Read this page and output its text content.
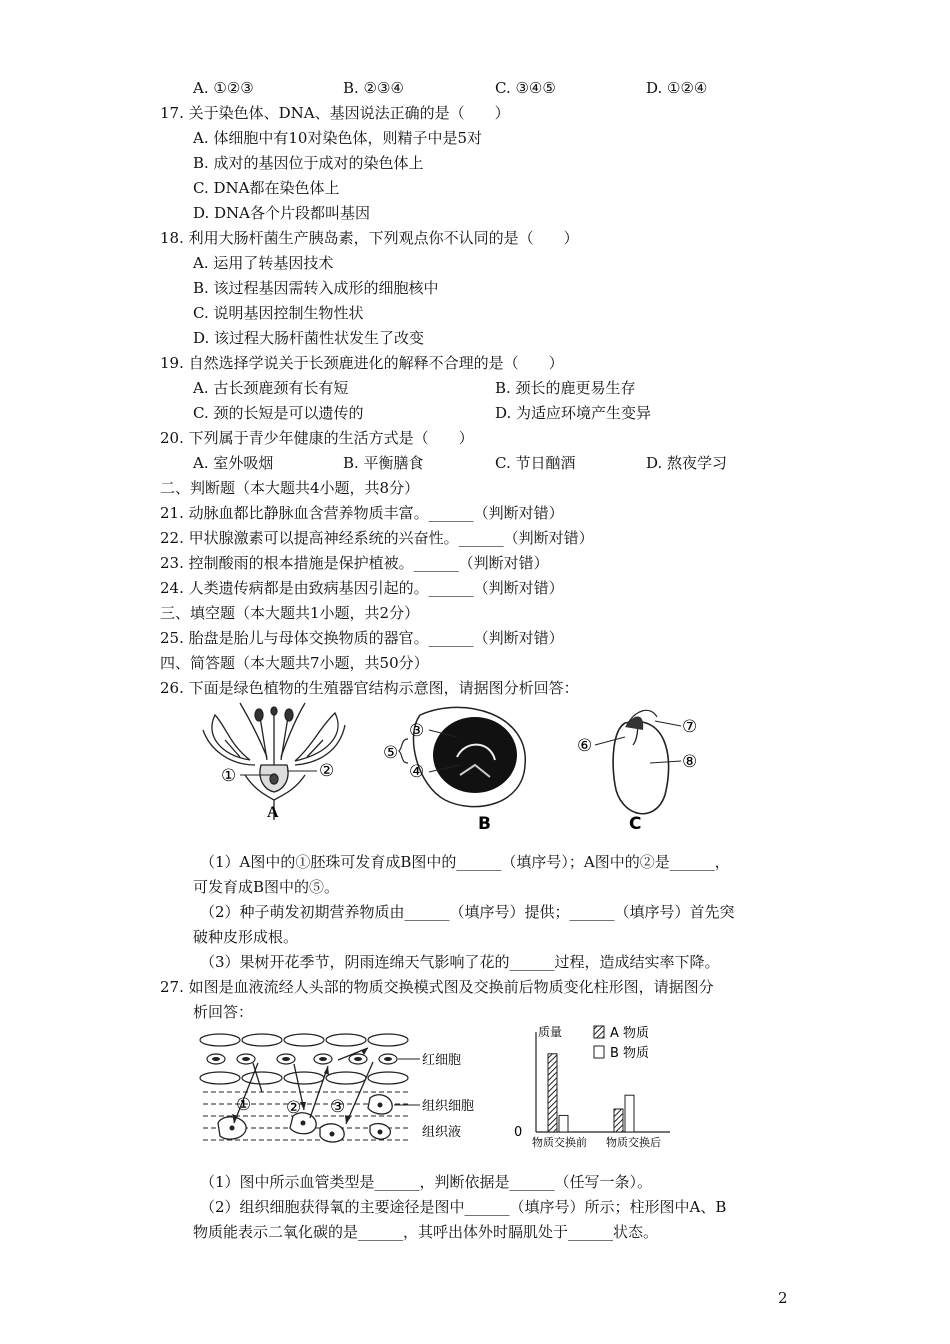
A. ①②③	B. ②③④	C. ③④⑤	D. ①②④
17. 关于染色体、DNA、基因说法正确的是（　　）
A. 体细胞中有10对染色体，则精子中是5对
B. 成对的基因位于成对的染色体上
C. DNA都在染色体上
D. DNA各个片段都叫基因
18. 利用大肠杆菌生产胰岛素，下列观点你不认同的是（　　）
A. 运用了转基因技术
B. 该过程基因需转入成形的细胞核中
C. 说明基因控制生物性状
D. 该过程大肠杆菌性状发生了改变
19. 自然选择学说关于长颈鹿进化的解释不合理的是（　　）
A. 古长颈鹿颈有长有短	B. 颈长的鹿更易生存
C. 颈的长短是可以遗传的	D. 为适应环境产生变异
20. 下列属于青少年健康的生活方式是（　　）
A. 室外吸烟	B. 平衡膳食	C. 节日酗酒	D. 熬夜学习
二、判断题（本大题共4小题，共8分）
21. 动脉血都比静脉血含营养物质丰富。______（判断对错）
22. 甲状腺激素可以提高神经系统的兴奋性。______（判断对错）
23. 控制酸雨的根本措施是保护植被。______（判断对错）
24. 人类遗传病都是由致病基因引起的。______（判断对错）
三、填空题（本大题共1小题，共2分）
25. 胎盘是胎儿与母体交换物质的器官。______（判断对错）
四、简答题（本大题共7小题，共50分）
26. 下面是绿色植物的生殖器官结构示意图，请据图分析回答：
①	②
A
⑤
③
④
B
⑥
⑦
⑧
C
（1）A图中的①胚珠可发育成B图中的______（填序号）；A图中的②是______，
可发育成B图中的⑤。
（2）种子萌发初期营养物质由______（填序号）提供；______（填序号）首先突
破种皮形成根。
（3）果树开花季节，阴雨连绵天气影响了花的______过程，造成结实率下降。
27. 如图是血液流经人头部的物质交换模式图及交换前后物质变化柱形图，请据图分
析回答：
红细胞
组织细胞
组织液
① ② ③
质量
0
A 物质
B 物质
物质交换前 物质交换后
（1）图中所示血管类型是______，判断依据是______（任写一条）。
（2）组织细胞获得氧的主要途径是图中______（填序号）所示；柱形图中A、B
物质能表示二氧化碳的是______，其呼出体外时膈肌处于______状态。
2
